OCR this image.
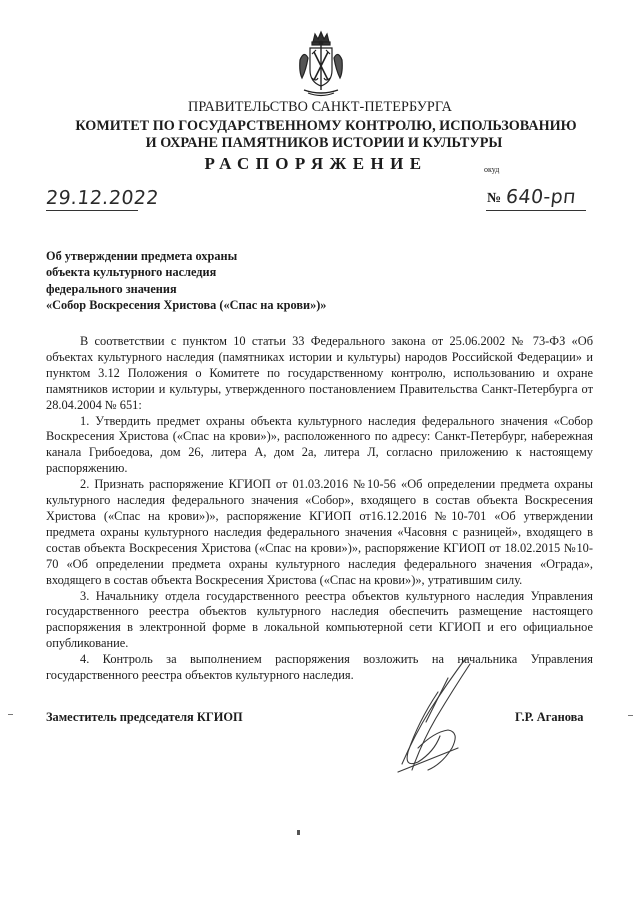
ПРАВИТЕЛЬСТВО САНКТ-ПЕТЕРБУРГА
КОМИТЕТ ПО ГОСУДАРСТВЕННОМУ КОНТРОЛЮ, ИСПОЛЬЗОВАНИЮ
И ОХРАНЕ ПАМЯТНИКОВ ИСТОРИИ И КУЛЬТУРЫ
РАСПОРЯЖЕНИЕ	окуд
29.12.2022	№ 640-рп
Об утверждении предмета охраны
объекта культурного наследия
федерального значения
«Собор Воскресения Христова («Спас на крови»)»

В соответствии с пунктом 10 статьи 33 Федерального закона от 25.06.2002 № 73-ФЗ «Об объектах культурного наследия (памятниках истории и культуры) народов Российской Федерации» и пунктом 3.12 Положения о Комитете по государственному контролю, использованию и охране памятников истории и культуры, утвержденного постановлением Правительства Санкт-Петербурга от 28.04.2004 № 651:

1. Утвердить предмет охраны объекта культурного наследия федерального значения «Собор Воскресения Христова («Спас на крови»)», расположенного по адресу: Санкт-Петербург, набережная канала Грибоедова, дом 26, литера А, дом 2а, литера Л, согласно приложению к настоящему распоряжению.

2. Признать распоряжение КГИОП от 01.03.2016 №10-56 «Об определении предмета охраны культурного наследия федерального значения «Собор», входящего в состав объекта Воскресения Христова («Спас на крови»)», распоряжение КГИОП от16.12.2016 №10-701 «Об утверждении предмета охраны культурного наследия федерального значения «Часовня с разницей», входящего в состав объекта Воскресения Христова («Спас на крови»)», распоряжение КГИОП от 18.02.2015 №10-70 «Об определении предмета охраны культурного наследия федерального значения «Ограда», входящего в состав объекта Воскресения Христова («Спас на крови»)», утратившим силу.

3. Начальнику отдела государственного реестра объектов культурного наследия Управления государственного реестра объектов культурного наследия обеспечить размещение настоящего распоряжения в электронной форме в локальной компьютерной сети КГИОП и его официальное опубликование.

4. Контроль за выполнением распоряжения возложить на начальника Управления государственного реестра объектов культурного наследия.

Заместитель председателя КГИОП	Г.Р. Аганова
